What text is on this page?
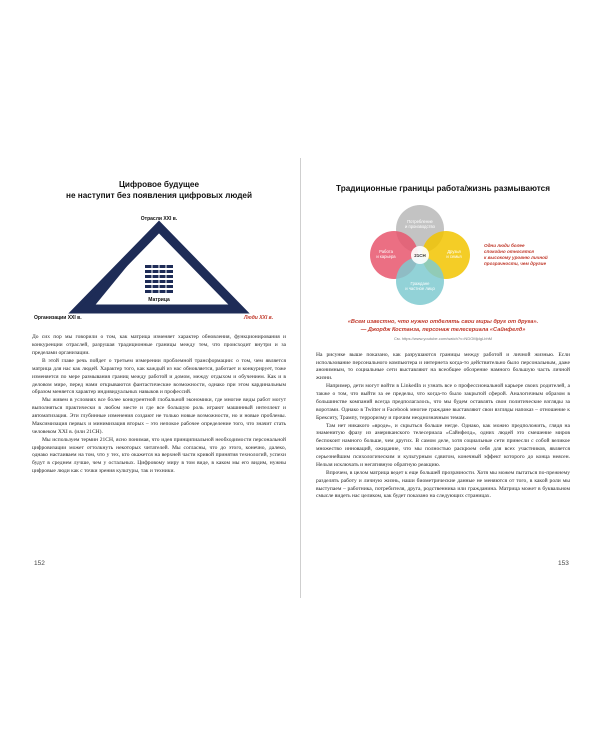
Цифровое будущее
не наступит без появления цифровых людей
Отрасли XXI в.
Матрица
Организации XXI в.	Люди XXI в.

До сих пор мы говорили о том, как матрица изменяет характер обновления, функционирования и конкуренции отраслей, разрушая традиционные границы между тем, что происходит внутри и за пределами организации.

В этой главе речь пойдет о третьем измерении проблемной трансформации: о том, чем является матрица для нас как людей. Характер того, как каждый из нас обновляется, работает и конкурирует, тоже изменяется по мере размывания границ между работой и домом, между отдыхом и обучением. Как и в деловом мире, перед нами открываются фантастические возможности, однако при этом кардинальным образом меняется характер индивидуальных навыков и профессий.

Мы живем в условиях все более конкурентной глобальной экономики, где многие виды работ могут выполняться практически в любом месте и где все большую роль играют машинный интеллект и автоматизация. Эти глубинные изменения создают не только новые возможности, но и новые проблемы. Максимизация первых и минимизация вторых – это непокое рабочее определение того, что значит стать человеком XXI в. (или 21CH).

Мы используем термин 21CH, ясно понимая, что идея принципиальной необходимости персональной цифровизации может оттолкнуть некоторых читателей. Мы согласны, что до этого, конечно, далеко, однако настаиваем на том, что у тех, кто окажется на верхней части кривой принятия технологий, успехи будут в среднем лучше, чем у остальных. Цифровому миру в том виде, в каком мы его видим, нужны цифровые люди как с точки зрения культуры, так и техники.

152
Традиционные границы работа/жизнь размываются
Потребление и производство
Работа и карьера
Друзья и семья
Граждане и частное лицо
21CH
Одни люди более спокойно относятся к высокому уровню личной прозрачности, чем другие
«Всем известно, что нужно отделять свои миры друг от друга».
— Джордж Костанза, персонаж телесериала «Сайнфелд»
См. https://www.youtube.com/watch?v=NDOMjdgLbhM

На рисунке выше показано, как разрушаются границы между работой и личной жизнью. Если использование персонального компьютера и интернета когда-то действительно было персональным, даже анонимным, то социальные сети выставляют на всеобщее обозрение намного большую часть личной жизни.

Например, дети могут войти в LinkedIn и узнать все о профессиональной карьере своих родителей, а также о том, что выйти за ее пределы, что когда-то было закрытой сферой. Аналогичным образом в большинстве компаний всегда предполагалось, что мы будем оставлять свои политические взгляды за воротами. Однако в Twitter и Facebook многие граждане выставляют свои взгляды напоказ – отношение к Брекситу, Трампу, терроризму и прочим неоднозначным темам.

Там нет никакого «вроде», и скрыться больше негде. Однако, как можно предположить, глядя на знаменитую фразу из американского телесериала «Сайнфелд», одних людей это смешение миров беспокоит намного больше, чем других. В самом деле, хотя социальные сети принесли с собой великое множество инноваций, ожидание, что мы полностью раскроем себя для всех участников, является серьезнейшим психологическим и культурным сдвигом, конечный эффект которого до конца неясен. Нельзя исключать и негативную обратную реакцию.

Впрочем, в целом матрица ведет к еще большей прозрачности. Хотя мы можем пытаться по-прежнему разделять работу и личную жизнь, наши биометрические данные не меняются от того, в какой роли мы выступаем – работника, потребителя, друга, родственника или гражданина. Матрица может в буквальном смысле видеть нас целиком, как будет показано на следующих страницах.

153
